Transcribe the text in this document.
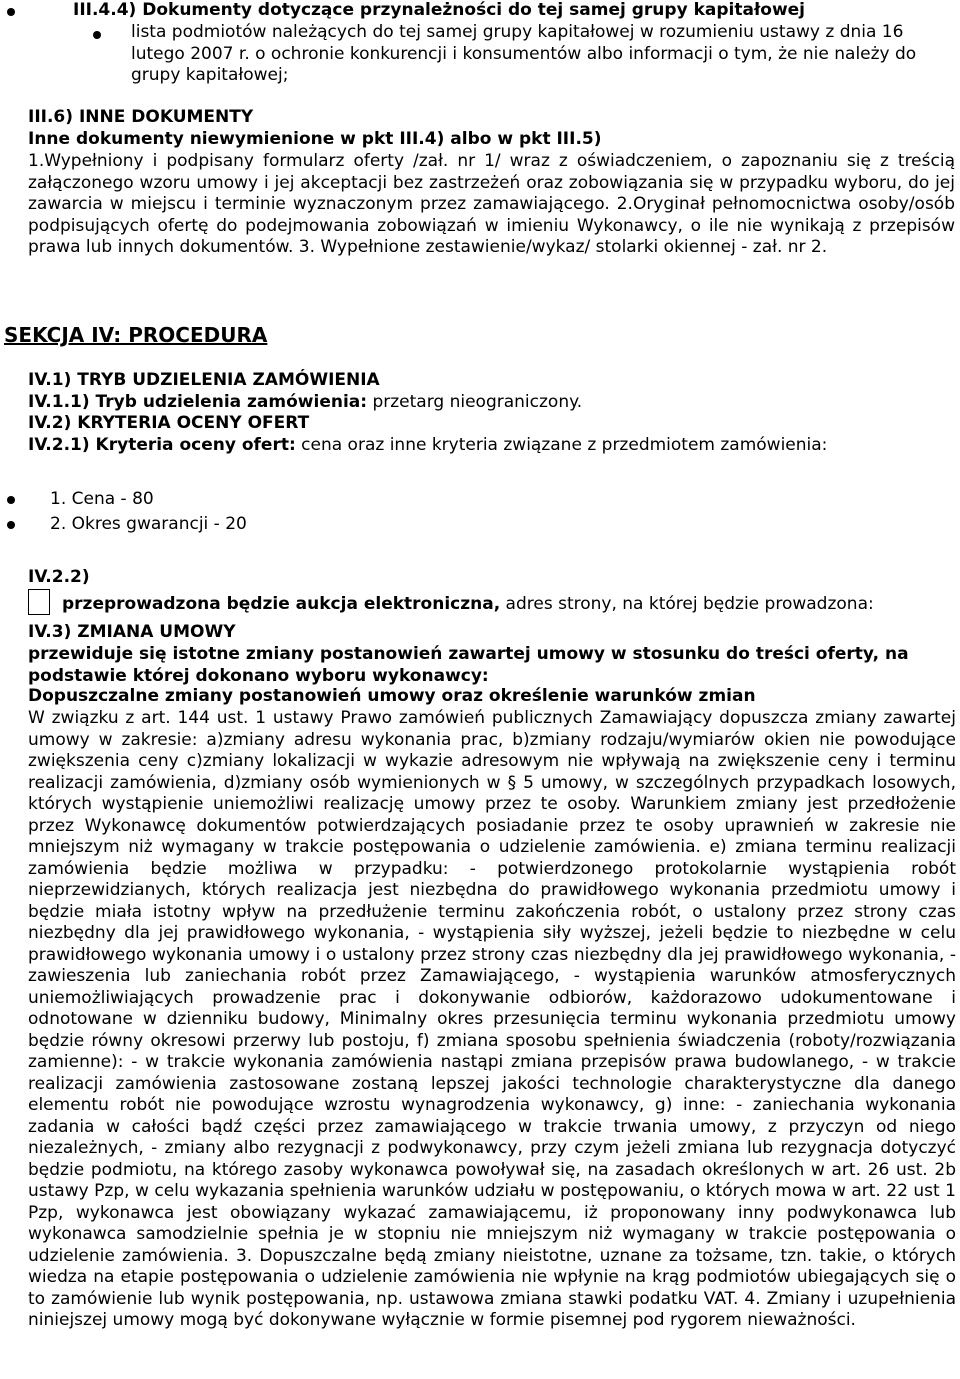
III.4.4) Dokumenty dotyczące przynależności do tej samej grupy kapitałowej

lista podmiotów należących do tej samej grupy kapitałowej w rozumieniu ustawy z dnia 16 lutego 2007 r. o ochronie konkurencji i konsumentów albo informacji o tym, że nie należy do grupy kapitałowej;

III.6) INNE DOKUMENTY

Inne dokumenty niewymienione w pkt III.4) albo w pkt III.5)

1.Wypełniony i podpisany formularz oferty /zał. nr 1/ wraz z oświadczeniem, o zapoznaniu się z treścią załączonego wzoru umowy i jej akceptacji bez zastrzeżeń oraz zobowiązania się w przypadku wyboru, do jej zawarcia w miejscu i terminie wyznaczonym przez zamawiającego. 2.Oryginał pełnomocnictwa osoby/osób podpisujących ofertę do podejmowania zobowiązań w imieniu Wykonawcy, o ile nie wynikają z przepisów prawa lub innych dokumentów. 3. Wypełnione zestawienie/wykaz/ stolarki okiennej - zał. nr 2.

SEKCJA IV: PROCEDURA

IV.1) TRYB UDZIELENIA ZAMÓWIENIA

IV.1.1) Tryb udzielenia zamówienia: przetarg nieograniczony.

IV.2) KRYTERIA OCENY OFERT

IV.2.1) Kryteria oceny ofert: cena oraz inne kryteria związane z przedmiotem zamówienia:

1. Cena - 80

2. Okres gwarancji - 20

IV.2.2)

przeprowadzona będzie aukcja elektroniczna, adres strony, na której będzie prowadzona:

IV.3) ZMIANA UMOWY

przewiduje się istotne zmiany postanowień zawartej umowy w stosunku do treści oferty, na podstawie której dokonano wyboru wykonawcy:

Dopuszczalne zmiany postanowień umowy oraz określenie warunków zmian

W związku z art. 144 ust. 1 ustawy Prawo zamówień publicznych Zamawiający dopuszcza zmiany zawartej umowy w zakresie: a)zmiany adresu wykonania prac, b)zmiany rodzaju/wymiarów okien nie powodujące zwiększenia ceny c)zmiany lokalizacji w wykazie adresowym nie wpływają na zwiększenie ceny i terminu realizacji zamówienia, d)zmiany osób wymienionych w § 5 umowy, w szczególnych przypadkach losowych, których wystąpienie uniemożliwi realizację umowy przez te osoby. Warunkiem zmiany jest przedłożenie przez Wykonawcę dokumentów potwierdzających posiadanie przez te osoby uprawnień w zakresie nie mniejszym niż wymagany w trakcie postępowania o udzielenie zamówienia. e) zmiana terminu realizacji zamówienia będzie możliwa w przypadku: - potwierdzonego protokolarnie wystąpienia robót nieprzewidzianych, których realizacja jest niezbędna do prawidłowego wykonania przedmiotu umowy i będzie miała istotny wpływ na przedłużenie terminu zakończenia robót, o ustalony przez strony czas niezbędny dla jej prawidłowego wykonania, - wystąpienia siły wyższej, jeżeli będzie to niezbędne w celu prawidłowego wykonania umowy i o ustalony przez strony czas niezbędny dla jej prawidłowego wykonania, - zawieszenia lub zaniechania robót przez Zamawiającego, - wystąpienia warunków atmosferycznych uniemożliwiających prowadzenie prac i dokonywanie odbiorów, każdorazowo udokumentowane i odnotowane w dzienniku budowy, Minimalny okres przesunięcia terminu wykonania przedmiotu umowy będzie równy okresowi przerwy lub postoju, f) zmiana sposobu spełnienia świadczenia (roboty/rozwiązania zamienne): - w trakcie wykonania zamówienia nastąpi zmiana przepisów prawa budowlanego, - w trakcie realizacji zamówienia zastosowane zostaną lepszej jakości technologie charakterystyczne dla danego elementu robót nie powodujące wzrostu wynagrodzenia wykonawcy, g) inne: - zaniechania wykonania zadania w całości bądź części przez zamawiającego w trakcie trwania umowy, z przyczyn od niego niezależnych, - zmiany albo rezygnacji z podwykonawcy, przy czym jeżeli zmiana lub rezygnacja dotyczyć będzie podmiotu, na którego zasoby wykonawca powoływał się, na zasadach określonych w art. 26 ust. 2b ustawy Pzp, w celu wykazania spełnienia warunków udziału w postępowaniu, o których mowa w art. 22 ust 1 Pzp, wykonawca jest obowiązany wykazać zamawiającemu, iż proponowany inny podwykonawca lub wykonawca samodzielnie spełnia je w stopniu nie mniejszym niż wymagany w trakcie postępowania o udzielenie zamówienia. 3. Dopuszczalne będą zmiany nieistotne, uznane za tożsame, tzn. takie, o których wiedza na etapie postępowania o udzielenie zamówienia nie wpłynie na krąg podmiotów ubiegających się o to zamówienie lub wynik postępowania, np. ustawowa zmiana stawki podatku VAT. 4. Zmiany i uzupełnienia niniejszej umowy mogą być dokonywane wyłącznie w formie pisemnej pod rygorem nieważności.
